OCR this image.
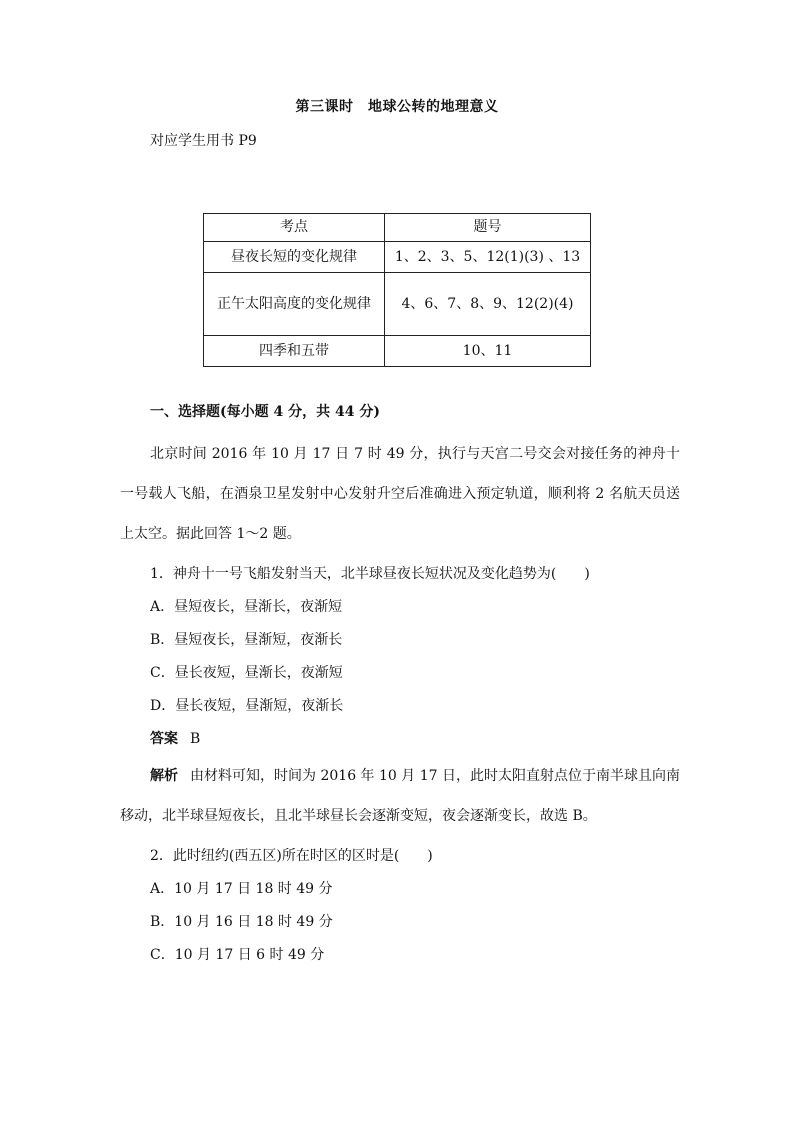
第三课时　地球公转的地理意义
对应学生用书 P9
考点	题号
昼夜长短的变化规律	1、2、3、5、12(1)(3) 、13
正午太阳高度的变化规律	4、6、7、8、9、12(2)(4)
四季和五带	10、11
一、选择题(每小题 4 分，共 44 分)

北京时间 2016 年 10 月 17 日 7 时 49 分，执行与天宫二号交会对接任务的神舟十一号载人飞船，在酒泉卫星发射中心发射升空后准确进入预定轨道，顺利将 2 名航天员送上太空。据此回答 1～2 题。

1．神舟十一号飞船发射当天，北半球昼夜长短状况及变化趋势为(　　)
A．昼短夜长，昼渐长，夜渐短
B．昼短夜长，昼渐短，夜渐长
C．昼长夜短，昼渐长，夜渐短
D．昼长夜短，昼渐短，夜渐长
答案 B

解析 由材料可知，时间为 2016 年 10 月 17 日，此时太阳直射点位于南半球且向南移动，北半球昼短夜长，且北半球昼长会逐渐变短，夜会逐渐变长，故选 B。

2．此时纽约(西五区)所在时区的区时是(　　)
A．10 月 17 日 18 时 49 分
B．10 月 16 日 18 时 49 分
C．10 月 17 日 6 时 49 分
